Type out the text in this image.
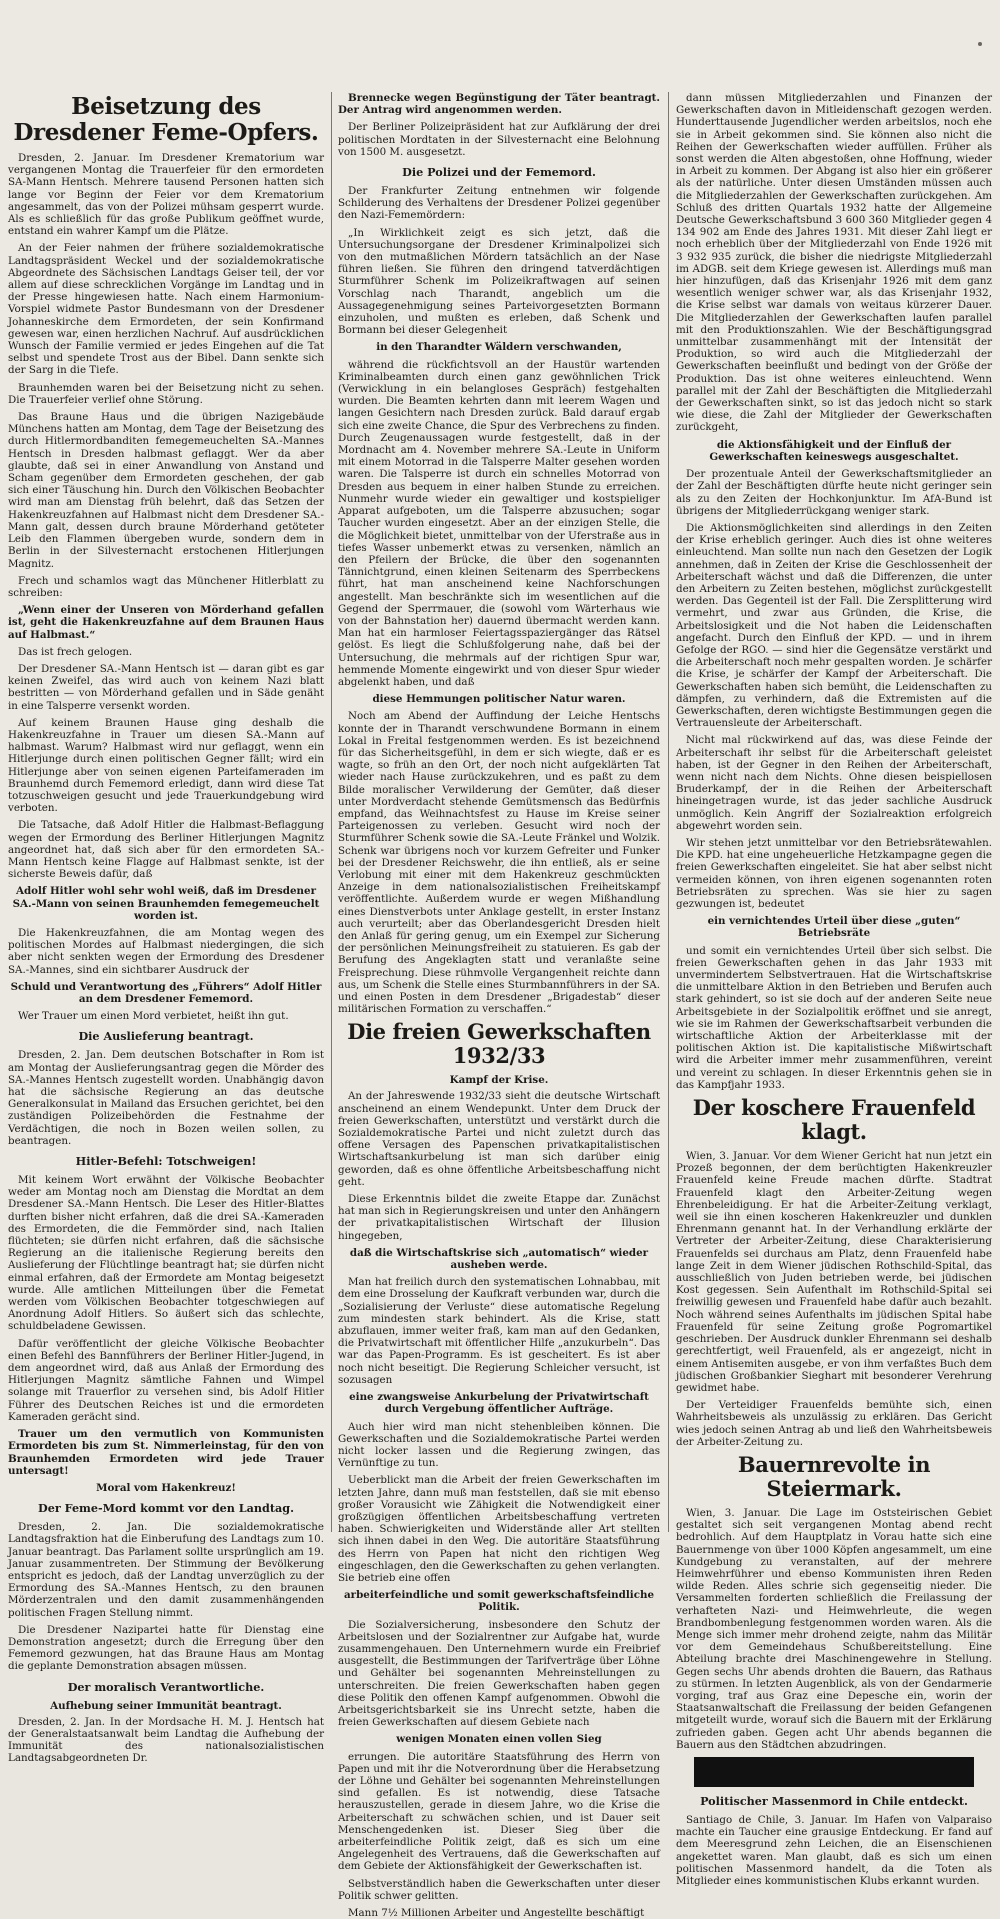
Beisetzung des Dresdener Feme-Opfers.

Dresden, 2. Januar. Im Dresdener Krematorium war vergangenen Montag die Trauerfeier für den ermordeten SA-Mann Hentsch. Mehrere tausend Personen hatten sich lange vor Beginn der Feier vor dem Krematorium angesammelt, das von der Polizei mühsam gesperrt wurde. Als es schließlich für das große Publikum geöffnet wurde, entstand ein wahrer Kampf um die Plätze.

An der Feier nahmen der frühere sozialdemokratische Landtagspräsident Weckel und der sozialdemokratische Abgeordnete des Sächsischen Landtags Geiser teil, der vor allem auf diese schrecklichen Vorgänge im Landtag und in der Presse hingewiesen hatte. Nach einem Harmonium-Vorspiel widmete Pastor Bundesmann von der Dresdener Johanneskirche dem Ermordeten, der sein Konfirmand gewesen war, einen herzlichen Nachruf. Auf ausdrücklichen Wunsch der Familie vermied er jedes Eingehen auf die Tat selbst und spendete Trost aus der Bibel. Dann senkte sich der Sarg in die Tiefe.

Braunhemden waren bei der Beisetzung nicht zu sehen. Die Trauerfeier verlief ohne Störung.

Das Braune Haus und die übrigen Nazigebäude Münchens hatten am Montag, dem Tage der Beisetzung des durch Hitlermordbanditen femegemeuchelten SA.-Mannes Hentsch in Dresden halbmast geflaggt. Wer da aber glaubte, daß sei in einer Anwandlung von Anstand und Scham gegenüber dem Ermordeten geschehen, der gab sich einer Täuschung hin. Durch den Völkischen Beobachter wird man am Dienstag früh belehrt, daß das Setzen der Hakenkreuzfahnen auf Halbmast nicht dem Dresdener SA.-Mann galt, dessen durch braune Mörderhand getöteter Leib den Flammen übergeben wurde, sondern dem in Berlin in der Silvesternacht erstochenen Hitlerjungen Magnitz.

Frech und schamlos wagt das Münchener Hitlerblatt zu schreiben:

„Wenn einer der Unseren von Mörderhand gefallen ist, geht die Hakenkreuzfahne auf dem Braunen Haus auf Halbmast.“

Das ist frech gelogen.

Der Dresdener SA.-Mann Hentsch ist — daran gibt es gar keinen Zweifel, das wird auch von keinem Nazi blatt bestritten — von Mörderhand gefallen und in Säde genäht in eine Talsperre versenkt worden.

Auf keinem Braunen Hause ging deshalb die Hakenkreuzfahne in Trauer um diesen SA.-Mann auf halbmast. Warum? Halbmast wird nur geflaggt, wenn ein Hitlerjunge durch einen politischen Gegner fällt; wird ein Hitlerjunge aber von seinen eigenen Parteifameraden im Braunhemd durch Fememord erledigt, dann wird diese Tat totzuschweigen gesucht und jede Trauerkundgebung wird verboten.

Die Tatsache, daß Adolf Hitler die Halbmast-Beflaggung wegen der Ermordung des Berliner Hitlerjungen Magnitz angeordnet hat, daß sich aber für den ermordeten SA.-Mann Hentsch keine Flagge auf Halbmast senkte, ist der sicherste Beweis dafür, daß

Adolf Hitler wohl sehr wohl weiß, daß im Dresdener SA.-Mann von seinen Braunhemden femegemeuchelt worden ist.

Die Hakenkreuzfahnen, die am Montag wegen des politischen Mordes auf Halbmast niedergingen, die sich aber nicht senkten wegen der Ermordung des Dresdener SA.-Mannes, sind ein sichtbarer Ausdruck der

Schuld und Verantwortung des „Führers“ Adolf Hitler an dem Dresdener Fememord.

Wer Trauer um einen Mord verbietet, heißt ihn gut.

Die Auslieferung beantragt.

Dresden, 2. Jan. Dem deutschen Botschafter in Rom ist am Montag der Auslieferungsantrag gegen die Mörder des SA.-Mannes Hentsch zugestellt worden. Unabhängig davon hat die sächsische Regierung an das deutsche Generalkonsulat in Mailand das Ersuchen gerichtet, bei den zuständigen Polizeibehörden die Festnahme der Verdächtigen, die noch in Bozen weilen sollen, zu beantragen.

Hitler-Befehl: Totschweigen!

Mit keinem Wort erwähnt der Völkische Beobachter weder am Montag noch am Dienstag die Mordtat an dem Dresdener SA.-Mann Hentsch. Die Leser des Hitler-Blattes durften bisher nicht erfahren, daß die drei SA.-Kameraden des Ermordeten, die die Femmörder sind, nach Italien flüchteten; sie dürfen nicht erfahren, daß die sächsische Regierung an die italienische Regierung bereits den Auslieferung der Flüchtlinge beantragt hat; sie dürfen nicht einmal erfahren, daß der Ermordete am Montag beigesetzt wurde. Alle amtlichen Mitteilungen über die Femetat werden vom Völkischen Beobachter totgeschwiegen auf Anordnung Adolf Hitlers. So äußert sich das schlechte, schuldbeladene Gewissen.

Dafür veröffentlicht der gleiche Völkische Beobachter einen Befehl des Bannführers der Berliner Hitler-Jugend, in dem angeordnet wird, daß aus Anlaß der Ermordung des Hitlerjungen Magnitz sämtliche Fahnen und Wimpel solange mit Trauerflor zu versehen sind, bis Adolf Hitler Führer des Deutschen Reiches ist und die ermordeten Kameraden gerächt sind.

Trauer um den vermutlich von Kommunisten Ermordeten bis zum St. Nimmerleinstag, für den von Braunhemden Ermordeten wird jede Trauer untersagt!

Moral vom Hakenkreuz!

Der Feme-Mord kommt vor den Landtag.

Dresden, 2. Jan. Die sozialdemokratische Landtagsfraktion hat die Einberufung des Landtags zum 10. Januar beantragt. Das Parlament sollte ursprünglich am 19. Januar zusammentreten. Der Stimmung der Bevölkerung entspricht es jedoch, daß der Landtag unverzüglich zu der Ermordung des SA.-Mannes Hentsch, zu den braunen Mörderzentralen und den damit zusammenhängenden politischen Fragen Stellung nimmt.

Die Dresdener Nazipartei hatte für Dienstag eine Demonstration angesetzt; durch die Erregung über den Fememord gezwungen, hat das Braune Haus am Montag die geplante Demonstration absagen müssen.

Der moralisch Verantwortliche.
Aufhebung seiner Immunität beantragt.

Dresden, 2. Jan. In der Mordsache H. M. J. Hentsch hat der Generalstaatsanwalt beim Landtag die Aufhebung der Immunität des nationalsozialistischen Landtagsabgeordneten Dr.

Brennecke wegen Begünstigung der Täter beantragt. Der Antrag wird angenommen werden.

Der Berliner Polizeipräsident hat zur Aufklärung der drei politischen Mordtaten in der Silvesternacht eine Belohnung von 1500 M. ausgesetzt.

Die Polizei und der Fememord.

Der Frankfurter Zeitung entnehmen wir folgende Schilderung des Verhaltens der Dresdener Polizei gegenüber den Nazi-Fememördern:

„In Wirklichkeit zeigt es sich jetzt, daß die Untersuchungsorgane der Dresdener Kriminalpolizei sich von den mutmaßlichen Mördern tatsächlich an der Nase führen ließen. Sie führen den dringend tatverdächtigen Sturmführer Schenk im Polizeikraftwagen auf seinen Vorschlag nach Tharandt, angeblich um die Aussagegenehmigung seines Parteivorgesetzten Bormann einzuholen, und mußten es erleben, daß Schenk und Bormann bei dieser Gelegenheit

in den Tharandter Wäldern verschwanden,

während die rückfichtsvoll an der Haustür wartenden Kriminalbeamten durch einen ganz gewöhnlichen Trick (Verwicklung in ein belangloses Gespräch) festgehalten wurden. Die Beamten kehrten dann mit leerem Wagen und langen Gesichtern nach Dresden zurück. Bald darauf ergab sich eine zweite Chance, die Spur des Verbrechens zu finden. Durch Zeugenaussagen wurde festgestellt, daß in der Mordnacht am 4. November mehrere SA.-Leute in Uniform mit einem Motorrad in die Talsperre Malter gesehen worden waren. Die Talsperre ist durch ein schnelles Motorrad von Dresden aus bequem in einer halben Stunde zu erreichen. Nunmehr wurde wieder ein gewaltiger und kostspieliger Apparat aufgeboten, um die Talsperre abzusuchen; sogar Taucher wurden eingesetzt. Aber an der einzigen Stelle, die die Möglichkeit bietet, unmittelbar von der Uferstraße aus in tiefes Wasser unbemerkt etwas zu versenken, nämlich an den Pfeilern der Brücke, die über den sogenannten Tännichtgrund, einen kleinen Seitenarm des Sperrbeckens führt, hat man anscheinend keine Nachforschungen angestellt. Man beschränkte sich im wesentlichen auf die Gegend der Sperrmauer, die (sowohl vom Wärterhaus wie von der Bahnstation her) dauernd übermacht werden kann. Man hat ein harmloser Feiertagsspaziergänger das Rätsel gelöst. Es liegt die Schlußfolgerung nahe, daß bei der Untersuchung, die mehrmals auf der richtigen Spur war, hemmende Momente eingewirkt und von dieser Spur wieder abgelenkt haben, und daß

diese Hemmungen politischer Natur waren.

Noch am Abend der Auffindung der Leiche Hentschs konnte der in Tharandt verschwundene Bormann in einem Lokal in Freital festgenommen werden. Es ist bezeichnend für das Sicherheitsgefühl, in dem er sich wiegte, daß er es wagte, so früh an den Ort, der noch nicht aufgeklärten Tat wieder nach Hause zurückzukehren, und es paßt zu dem Bilde moralischer Verwilderung der Gemüter, daß dieser unter Mordverdacht stehende Gemütsmensch das Bedürfnis empfand, das Weihnachtsfest zu Hause im Kreise seiner Parteigenossen zu verleben. Gesucht wird noch der Sturmführer Schenk sowie die SA.-Leute Fränkel und Wolzik. Schenk war übrigens noch vor kurzem Gefreiter und Funker bei der Dresdener Reichswehr, die ihn entließ, als er seine Verlobung mit einer mit dem Hakenkreuz geschmückten Anzeige in dem nationalsozialistischen Freiheitskampf veröffentlichte. Außerdem wurde er wegen Mißhandlung eines Dienstverbots unter Anklage gestellt, in erster Instanz auch verurteilt; aber das Oberlandesgericht Dresden hielt den Anlaß für gering genug, um ein Exempel zur Sicherung der persönlichen Meinungsfreiheit zu statuieren. Es gab der Berufung des Angeklagten statt und veranlaßte seine Freisprechung. Diese rühmvolle Vergangenheit reichte dann aus, um Schenk die Stelle eines Sturmbannführers in der SA. und einen Posten in dem Dresdener „Brigadestab“ dieser militärischen Formation zu verschaffen.“

Die freien Gewerkschaften 1932/33
Kampf der Krise.

An der Jahreswende 1932/33 sieht die deutsche Wirtschaft anscheinend an einem Wendepunkt. Unter dem Druck der freien Gewerkschaften, unterstützt und verstärkt durch die Sozialdemokratische Partei und nicht zuletzt durch das offene Versagen des Papenschen privatkapitalistischen Wirtschaftsankurbelung ist man sich darüber einig geworden, daß es ohne öffentliche Arbeitsbeschaffung nicht geht.

Diese Erkenntnis bildet die zweite Etappe dar. Zunächst hat man sich in Regierungskreisen und unter den Anhängern der privatkapitalistischen Wirtschaft der Illusion hingegeben,

daß die Wirtschaftskrise sich „automatisch“ wieder ausheben werde.

Man hat freilich durch den systematischen Lohnabbau, mit dem eine Drosselung der Kaufkraft verbunden war, durch die „Sozialisierung der Verluste“ diese automatische Regelung zum mindesten stark behindert. Als die Krise, statt abzuflauen, immer weiter fraß, kam man auf den Gedanken, die Privatwirtschaft mit öffentlicher Hilfe „anzukurbeln“. Das war das Papen-Programm. Es ist gescheitert. Es ist aber noch nicht beseitigt. Die Regierung Schleicher versucht, ist sozusagen

eine zwangsweise Ankurbelung der Privatwirtschaft durch Vergebung öffentlicher Aufträge.

Auch hier wird man nicht stehenbleiben können. Die Gewerkschaften und die Sozialdemokratische Partei werden nicht locker lassen und die Regierung zwingen, das Vernünftige zu tun.

Ueberblickt man die Arbeit der freien Gewerkschaften im letzten Jahre, dann muß man feststellen, daß sie mit ebenso großer Vorausicht wie Zähigkeit die Notwendigkeit einer großzügigen öffentlichen Arbeitsbeschaffung vertreten haben. Schwierigkeiten und Widerstände aller Art stellten sich ihnen dabei in den Weg. Die autoritäre Staatsführung des Herrn von Papen hat nicht den richtigen Weg eingeschlagen, den die Gewerkschaften zu gehen verlangten. Sie betrieb eine offen

arbeiterfeindliche und somit gewerkschaftsfeindliche Politik.

Die Sozialversicherung, insbesondere den Schutz der Arbeitslosen und der Sozialrentner zur Aufgabe hat, wurde zusammengehauen. Den Unternehmern wurde ein Freibrief ausgestellt, die Bestimmungen der Tarifverträge über Löhne und Gehälter bei sogenannten Mehreinstellungen zu unterschreiten. Die freien Gewerkschaften haben gegen diese Politik den offenen Kampf aufgenommen. Obwohl die Arbeitsgerichtsbarkeit sie ins Unrecht setzte, haben die freien Gewerkschaften auf diesem Gebiete nach

wenigen Monaten einen vollen Sieg

errungen. Die autoritäre Staatsführung des Herrn von Papen und mit ihr die Notverordnung über die Herabsetzung der Löhne und Gehälter bei sogenannten Mehreinstellungen sind gefallen. Es ist notwendig, diese Tatsache herauszustellen, gerade in diesem Jahre, wo die Krise die Arbeiterschaft zu schwächen schien, und ist Dauer seit Menschengedenken ist. Dieser Sieg über die arbeiterfeindliche Politik zeigt, daß es sich um eine Angelegenheit des Vertrauens, daß die Gewerkschaften auf dem Gebiete der Aktionsfähigkeit der Gewerkschaften ist.

Selbstverständlich haben die Gewerkschaften unter dieser Politik schwer gelitten.

Mann 7½ Millionen Arbeiter und Angestellte beschäftigt

dann müssen Mitgliederzahlen und Finanzen der Gewerkschaften davon in Mitleidenschaft gezogen werden. Hunderttausende Jugendlicher werden arbeitslos, noch ehe sie in Arbeit gekommen sind. Sie können also nicht die Reihen der Gewerkschaften wieder auffüllen. Früher als sonst werden die Alten abgestoßen, ohne Hoffnung, wieder in Arbeit zu kommen. Der Abgang ist also hier ein größerer als der natürliche. Unter diesen Umständen müssen auch die Mitgliederzahlen der Gewerkschaften zurückgehen. Am Schluß des dritten Quartals 1932 hatte der Allgemeine Deutsche Gewerkschaftsbund 3 600 360 Mitglieder gegen 4 134 902 am Ende des Jahres 1931. Mit dieser Zahl liegt er noch erheblich über der Mitgliederzahl von Ende 1926 mit 3 932 935 zurück, die bisher die niedrigste Mitgliederzahl im ADGB. seit dem Kriege gewesen ist. Allerdings muß man hier hinzufügen, daß das Krisenjahr 1926 mit dem ganz wesentlich weniger schwer war, als das Krisenjahr 1932, die Krise selbst war damals von weitaus kürzerer Dauer. Die Mitgliederzahlen der Gewerkschaften laufen parallel mit den Produktionszahlen. Wie der Beschäftigungsgrad unmittelbar zusammenhängt mit der Intensität der Produktion, so wird auch die Mitgliederzahl der Gewerkschaften beeinflußt und bedingt von der Größe der Produktion. Das ist ohne weiteres einleuchtend. Wenn parallel mit der Zahl der Beschäftigten die Mitgliederzahl der Gewerkschaften sinkt, so ist das jedoch nicht so stark wie diese, die Zahl der Mitglieder der Gewerkschaften zurückgeht,

die Aktionsfähigkeit und der Einfluß der Gewerkschaften keineswegs ausgeschaltet.

Der prozentuale Anteil der Gewerkschaftsmitglieder an der Zahl der Beschäftigten dürfte heute nicht geringer sein als zu den Zeiten der Hochkonjunktur. Im AfA-Bund ist übrigens der Mitgliederrückgang weniger stark.

Die Aktionsmöglichkeiten sind allerdings in den Zeiten der Krise erheblich geringer. Auch dies ist ohne weiteres einleuchtend. Man sollte nun nach den Gesetzen der Logik annehmen, daß in Zeiten der Krise die Geschlossenheit der Arbeiterschaft wächst und daß die Differenzen, die unter den Arbeitern zu Zeiten bestehen, möglichst zurückgestellt werden. Das Gegenteil ist der Fall. Die Zersplitterung wird vermehrt, und zwar aus Gründen, die Krise, die Arbeitslosigkeit und die Not haben die Leidenschaften angefacht. Durch den Einfluß der KPD. — und in ihrem Gefolge der RGO. — sind hier die Gegensätze verstärkt und die Arbeiterschaft noch mehr gespalten worden. Je schärfer die Krise, je schärfer der Kampf der Arbeiterschaft. Die Gewerkschaften haben sich bemüht, die Leidenschaften zu dämpfen, zu verhindern, daß die Extremisten auf die Gewerkschaften, deren wichtigste Bestimmungen gegen die Vertrauensleute der Arbeiterschaft.

Nicht mal rückwirkend auf das, was diese Feinde der Arbeiterschaft ihr selbst für die Arbeiterschaft geleistet haben, ist der Gegner in den Reihen der Arbeiterschaft, wenn nicht nach dem Nichts. Ohne diesen beispiellosen Bruderkampf, der in die Reihen der Arbeiterschaft hineingetragen wurde, ist das jeder sachliche Ausdruck unmöglich. Kein Angriff der Sozialreaktion erfolgreich abgewehrt worden sein.

Wir stehen jetzt unmittelbar vor den Betriebsrätewahlen. Die KPD. hat eine ungeheuerliche Hetzkampagne gegen die freien Gewerkschaften eingeleitet. Sie hat aber selbst nicht vermeiden können, von ihren eigenen sogenannten roten Betriebsräten zu sprechen. Was sie hier zu sagen gezwungen ist, bedeutet

ein vernichtendes Urteil über diese „guten“ Betriebsräte

und somit ein vernichtendes Urteil über sich selbst. Die freien Gewerkschaften gehen in das Jahr 1933 mit unvermindertem Selbstvertrauen. Hat die Wirtschaftskrise die unmittelbare Aktion in den Betrieben und Berufen auch stark gehindert, so ist sie doch auf der anderen Seite neue Arbeitsgebiete in der Sozialpolitik eröffnet und sie anregt, wie sie im Rahmen der Gewerkschaftsarbeit verbunden die wirtschaftliche Aktion der Arbeiterklasse mit der politischen Aktion ist. Die kapitalistische Mißwirtschaft wird die Arbeiter immer mehr zusammenführen, vereint und vereint zu schlagen. In dieser Erkenntnis gehen sie in das Kampfjahr 1933.

Der koschere Frauenfeld klagt.

Wien, 3. Januar. Vor dem Wiener Gericht hat nun jetzt ein Prozeß begonnen, der dem berüchtigten Hakenkreuzler Frauenfeld keine Freude machen dürfte. Stadtrat Frauenfeld klagt den Arbeiter-Zeitung wegen Ehrenbeleidigung. Er hat die Arbeiter-Zeitung verklagt, weil sie ihn einen koscheren Hakenkreuzler und dunklen Ehrenmann genannt hat. In der Verhandlung erklärte der Vertreter der Arbeiter-Zeitung, diese Charakterisierung Frauenfelds sei durchaus am Platz, denn Frauenfeld habe lange Zeit in dem Wiener jüdischen Rothschild-Spital, das ausschließlich von Juden betrieben werde, bei jüdischen Kost gegessen. Sein Aufenthalt im Rothschild-Spital sei freiwillig gewesen und Frauenfeld habe dafür auch bezahlt. Noch während seines Aufenthalts im jüdischen Spital habe Frauenfeld für seine Zeitung große Pogromartikel geschrieben. Der Ausdruck dunkler Ehrenmann sei deshalb gerechtfertigt, weil Frauenfeld, als er angezeigt, nicht in einem Antisemiten ausgebe, er von ihm verfaßtes Buch dem jüdischen Großbankier Sieghart mit besonderer Verehrung gewidmet habe.

Der Verteidiger Frauenfelds bemühte sich, einen Wahrheitsbeweis als unzulässig zu erklären. Das Gericht wies jedoch seinen Antrag ab und ließ den Wahrheitsbeweis der Arbeiter-Zeitung zu.

Bauernrevolte in Steiermark.

Wien, 3. Januar. Die Lage im Oststeirischen Gebiet gestaltet sich seit vergangenen Montag abend recht bedrohlich. Auf dem Hauptplatz in Vorau hatte sich eine Bauernmenge von über 1000 Köpfen angesammelt, um eine Kundgebung zu veranstalten, auf der mehrere Heimwehrführer und ebenso Kommunisten ihren Reden wilde Reden. Alles schrie sich gegenseitig nieder. Die Versammelten forderten schließlich die Freilassung der verhafteten Nazi- und Heimwehrleute, die wegen Brandbombenlegung festgenommen worden waren. Als die Menge sich immer mehr drohend zeigte, nahm das Militär vor dem Gemeindehaus Schußbereitstellung. Eine Abteilung brachte drei Maschinengewehre in Stellung. Gegen sechs Uhr abends drohten die Bauern, das Rathaus zu stürmen. In letzten Augenblick, als von der Gendarmerie vorging, traf aus Graz eine Depesche ein, worin der Staatsanwaltschaft die Freilassung der beiden Gefangenen mitgeteilt wurde, worauf sich die Bauern mit der Erklärung zufrieden gaben. Gegen acht Uhr abends begannen die Bauern aus den Städtchen abzudringen.

Politischer Massenmord in Chile entdeckt.

Santiago de Chile, 3. Januar. Im Hafen von Valparaiso machte ein Taucher eine grausige Entdeckung. Er fand auf dem Meeresgrund zehn Leichen, die an Eisenschienen angekettet waren. Man glaubt, daß es sich um einen politischen Massenmord handelt, da die Toten als Mitglieder eines kommunistischen Klubs erkannt wurden.
